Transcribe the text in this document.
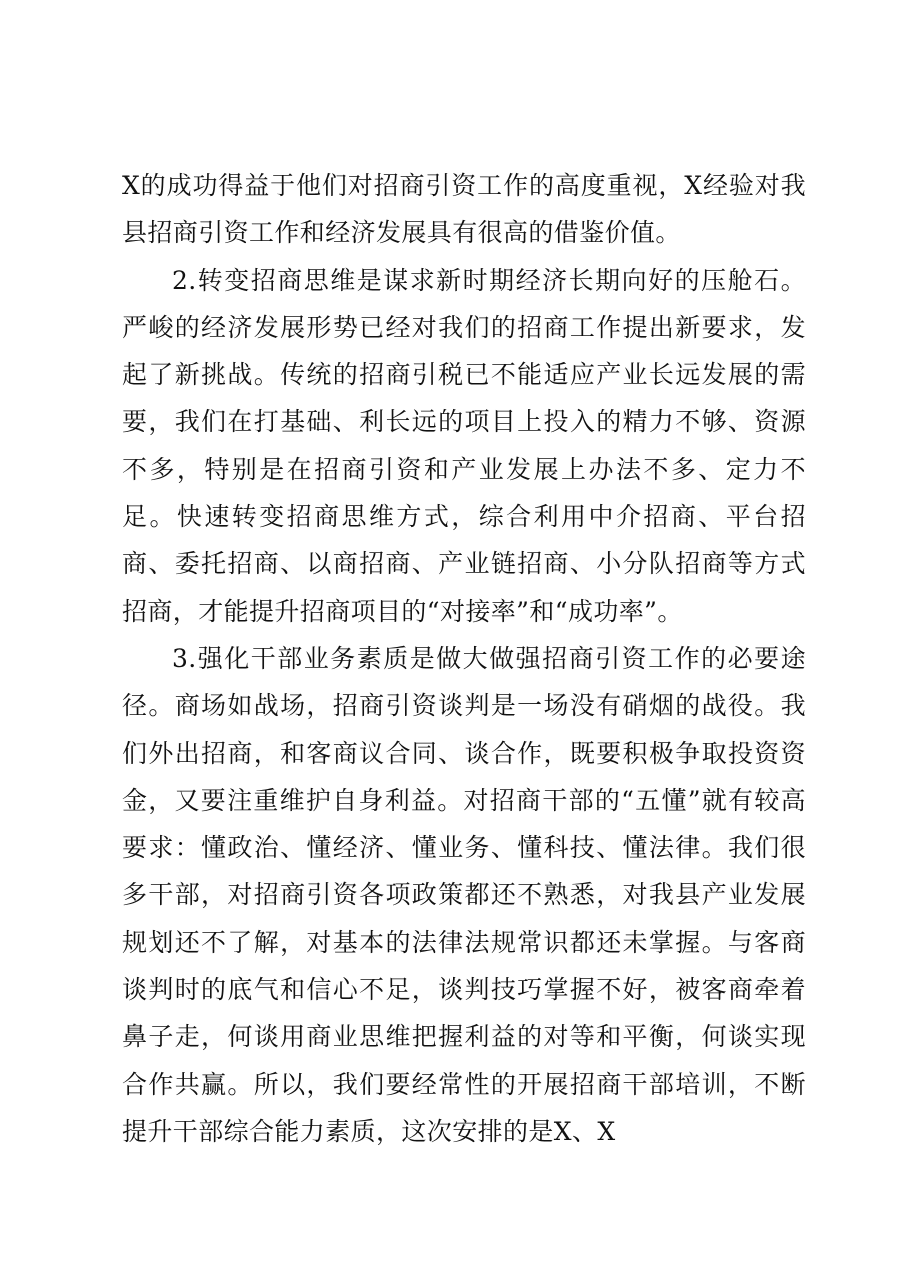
X的成功得益于他们对招商引资工作的高度重视，X经验对我县招商引资工作和经济发展具有很高的借鉴价值。

2.转变招商思维是谋求新时期经济长期向好的压舱石。严峻的经济发展形势已经对我们的招商工作提出新要求，发起了新挑战。传统的招商引税已不能适应产业长远发展的需要，我们在打基础、利长远的项目上投入的精力不够、资源不多，特别是在招商引资和产业发展上办法不多、定力不足。快速转变招商思维方式，综合利用中介招商、平台招商、委托招商、以商招商、产业链招商、小分队招商等方式招商，才能提升招商项目的“对接率”和“成功率”。

3.强化干部业务素质是做大做强招商引资工作的必要途径。商场如战场，招商引资谈判是一场没有硝烟的战役。我们外出招商，和客商议合同、谈合作，既要积极争取投资资金，又要注重维护自身利益。对招商干部的“五懂”就有较高要求：懂政治、懂经济、懂业务、懂科技、懂法律。我们很多干部，对招商引资各项政策都还不熟悉，对我县产业发展规划还不了解，对基本的法律法规常识都还未掌握。与客商谈判时的底气和信心不足，谈判技巧掌握不好，被客商牵着鼻子走，何谈用商业思维把握利益的对等和平衡，何谈实现合作共赢。所以，我们要经常性的开展招商干部培训，不断提升干部综合能力素质，这次安排的是X、X
